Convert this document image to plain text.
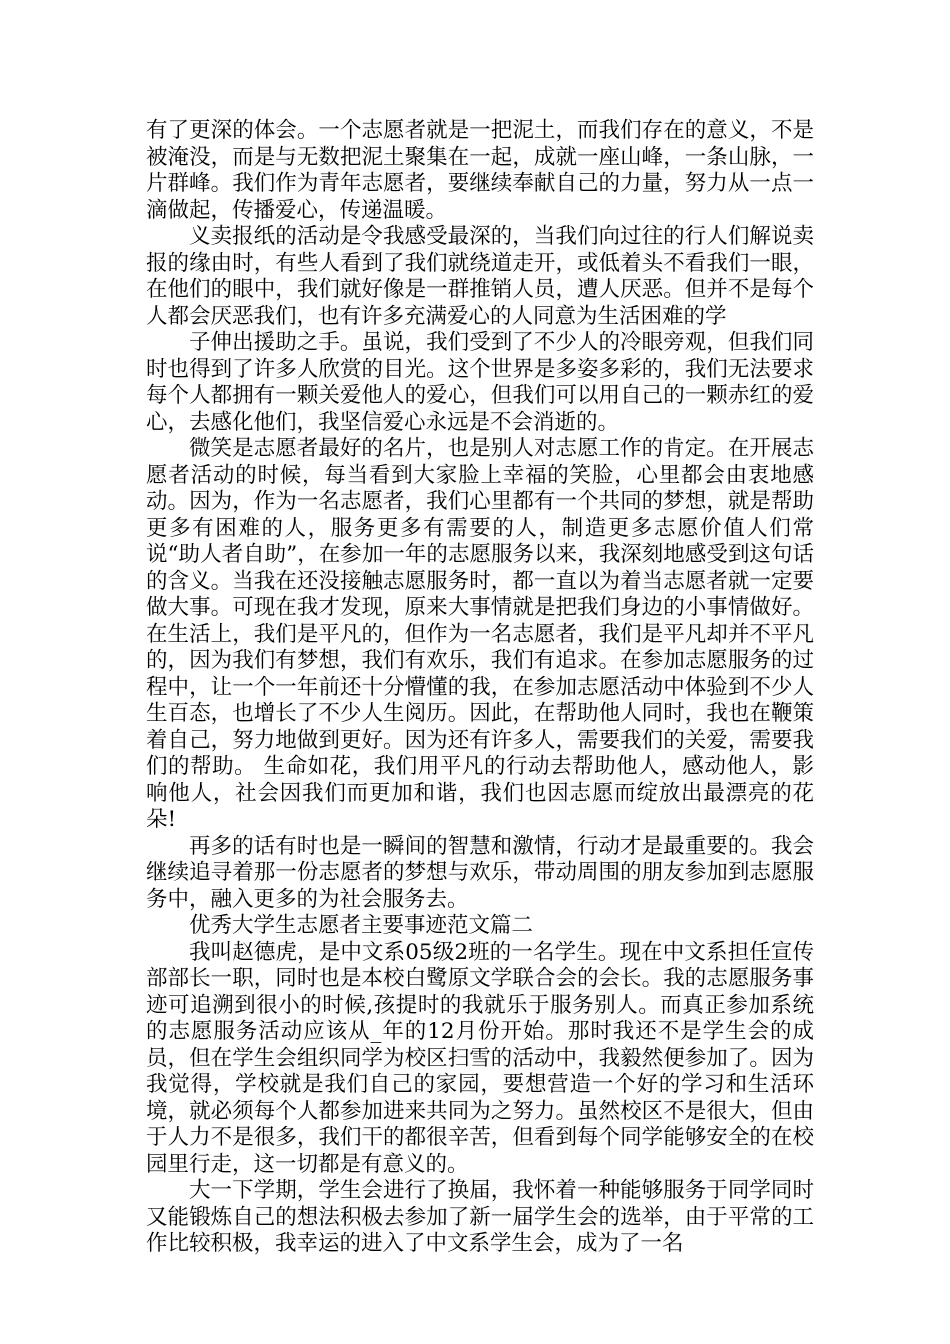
有了更深的体会。一个志愿者就是一把泥土，而我们存在的意义，不是被淹没，而是与无数把泥土聚集在一起，成就一座山峰，一条山脉，一片群峰。我们作为青年志愿者，要继续奉献自己的力量，努力从一点一滴做起，传播爱心，传递温暖。

义卖报纸的活动是令我感受最深的，当我们向过往的行人们解说卖报的缘由时，有些人看到了我们就绕道走开，或低着头不看我们一眼，在他们的眼中，我们就好像是一群推销人员，遭人厌恶。但并不是每个人都会厌恶我们，也有许多充满爱心的人同意为生活困难的学

子伸出援助之手。虽说，我们受到了不少人的冷眼旁观，但我们同时也得到了许多人欣赏的目光。这个世界是多姿多彩的，我们无法要求每个人都拥有一颗关爱他人的爱心，但我们可以用自己的一颗赤红的爱心，去感化他们，我坚信爱心永远是不会消逝的。

微笑是志愿者最好的名片，也是别人对志愿工作的肯定。在开展志愿者活动的时候，每当看到大家脸上幸福的笑脸，心里都会由衷地感动。因为，作为一名志愿者，我们心里都有一个共同的梦想，就是帮助更多有困难的人，服务更多有需要的人，制造更多志愿价值人们常说“助人者自助”，在参加一年的志愿服务以来，我深刻地感受到这句话的含义。当我在还没接触志愿服务时，都一直以为着当志愿者就一定要做大事。可现在我才发现，原来大事情就是把我们身边的小事情做好。在生活上，我们是平凡的，但作为一名志愿者，我们是平凡却并不平凡的，因为我们有梦想，我们有欢乐，我们有追求。在参加志愿服务的过程中，让一个一年前还十分懵懂的我，在参加志愿活动中体验到不少人生百态，也增长了不少人生阅历。因此，在帮助他人同时，我也在鞭策着自己，努力地做到更好。因为还有许多人，需要我们的关爱，需要我们的帮助。 生命如花，我们用平凡的行动去帮助他人，感动他人，影响他人，社会因我们而更加和谐，我们也因志愿而绽放出最漂亮的花朵!

再多的话有时也是一瞬间的智慧和激情，行动才是最重要的。我会继续追寻着那一份志愿者的梦想与欢乐，带动周围的朋友参加到志愿服务中，融入更多的为社会服务去。

优秀大学生志愿者主要事迹范文篇二

我叫赵德虎，是中文系05级2班的一名学生。现在中文系担任宣传部部长一职，同时也是本校白鹭原文学联合会的会长。我的志愿服务事迹可追溯到很小的时候,孩提时的我就乐于服务别人。而真正参加系统的志愿服务活动应该从_年的12月份开始。那时我还不是学生会的成员，但在学生会组织同学为校区扫雪的活动中，我毅然便参加了。因为我觉得，学校就是我们自己的家园，要想营造一个好的学习和生活环境，就必须每个人都参加进来共同为之努力。虽然校区不是很大，但由于人力不是很多，我们干的都很辛苦，但看到每个同学能够安全的在校园里行走，这一切都是有意义的。

大一下学期，学生会进行了换届，我怀着一种能够服务于同学同时又能锻炼自己的想法积极去参加了新一届学生会的选举，由于平常的工作比较积极，我幸运的进入了中文系学生会，成为了一名
